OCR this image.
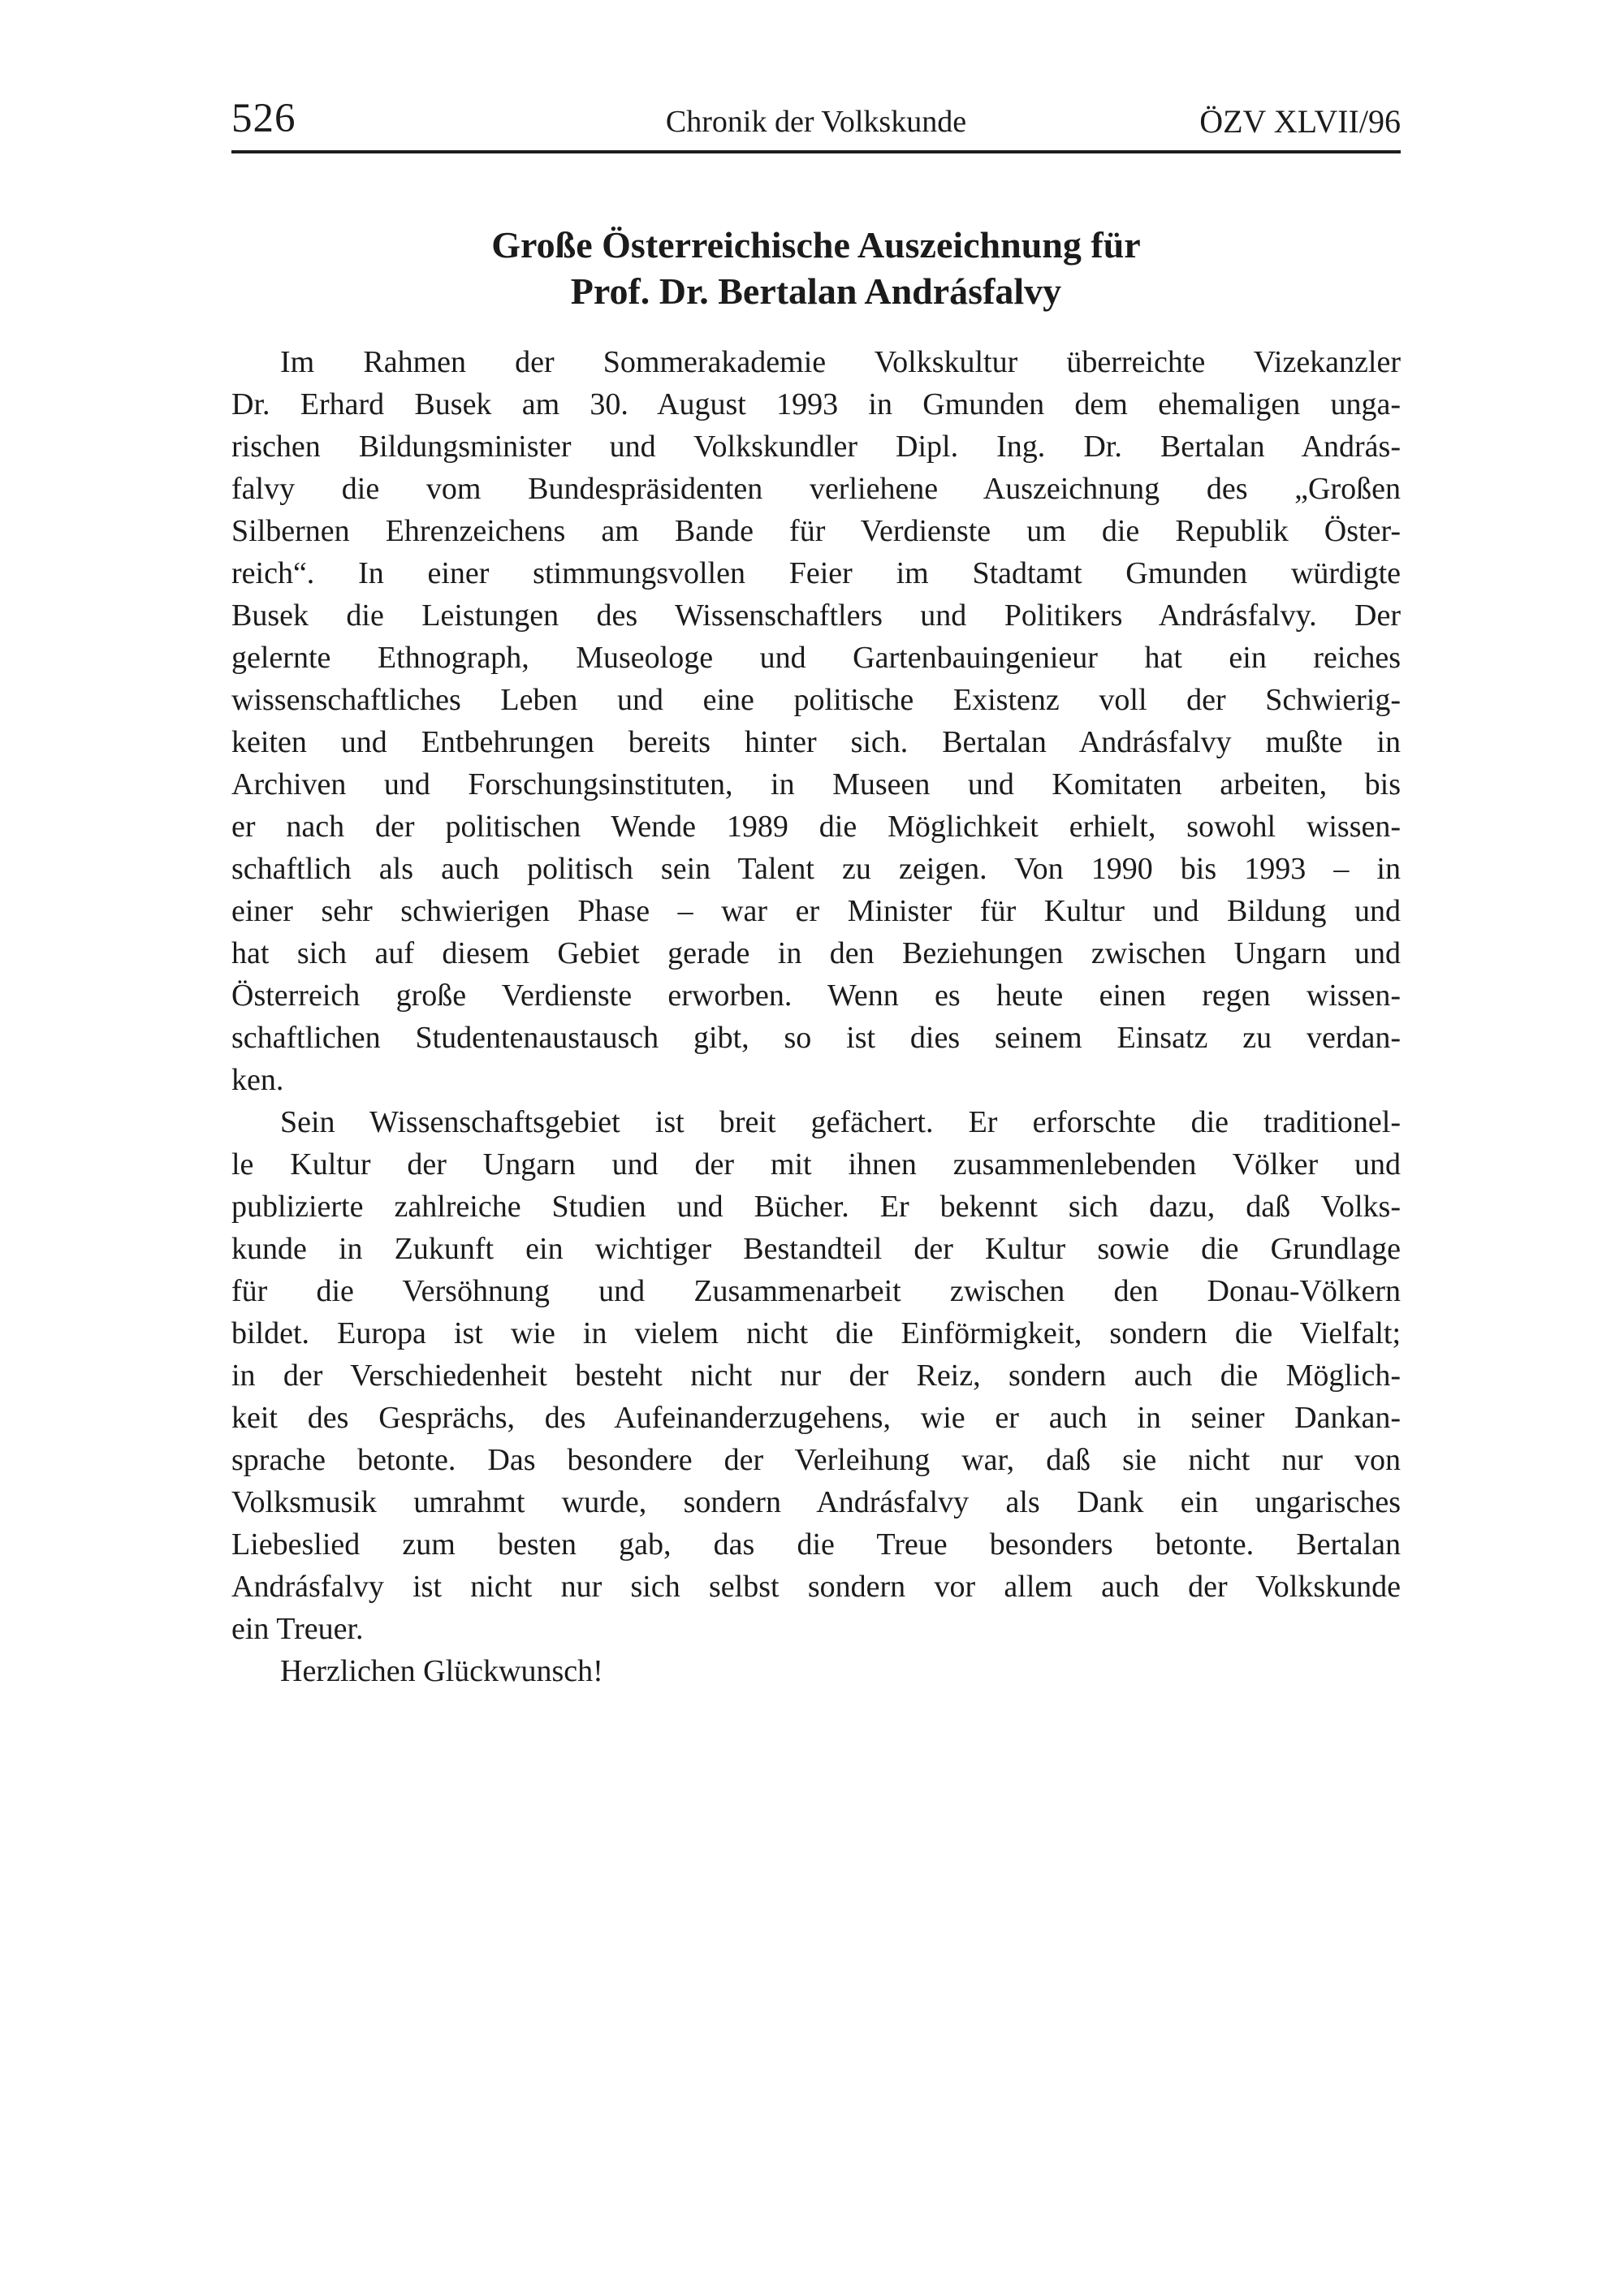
526	Chronik der Volkskunde	ÖZV XLVII/96
Große Österreichische Auszeichnung für
Prof. Dr. Bertalan Andrásfalvy
Im Rahmen der Sommerakademie Volkskultur überreichte Vizekanzler
Dr. Erhard Busek am 30. August 1993 in Gmunden dem ehemaligen unga-
rischen Bildungsminister und Volkskundler Dipl. Ing. Dr. Bertalan András-
falvy die vom Bundespräsidenten verliehene Auszeichnung des „Großen
Silbernen Ehrenzeichens am Bande für Verdienste um die Republik Öster-
reich“. In einer stimmungsvollen Feier im Stadtamt Gmunden würdigte
Busek die Leistungen des Wissenschaftlers und Politikers Andrásfalvy. Der
gelernte Ethnograph, Museologe und Gartenbauingenieur hat ein reiches
wissenschaftliches Leben und eine politische Existenz voll der Schwierig-
keiten und Entbehrungen bereits hinter sich. Bertalan Andrásfalvy mußte in
Archiven und Forschungsinstituten, in Museen und Komitaten arbeiten, bis
er nach der politischen Wende 1989 die Möglichkeit erhielt, sowohl wissen-
schaftlich als auch politisch sein Talent zu zeigen. Von 1990 bis 1993 – in
einer sehr schwierigen Phase – war er Minister für Kultur und Bildung und
hat sich auf diesem Gebiet gerade in den Beziehungen zwischen Ungarn und
Österreich große Verdienste erworben. Wenn es heute einen regen wissen-
schaftlichen Studentenaustausch gibt, so ist dies seinem Einsatz zu verdan-
ken.
Sein Wissenschaftsgebiet ist breit gefächert. Er erforschte die traditionel-
le Kultur der Ungarn und der mit ihnen zusammenlebenden Völker und
publizierte zahlreiche Studien und Bücher. Er bekennt sich dazu, daß Volks-
kunde in Zukunft ein wichtiger Bestandteil der Kultur sowie die Grundlage
für die Versöhnung und Zusammenarbeit zwischen den Donau-Völkern
bildet. Europa ist wie in vielem nicht die Einförmigkeit, sondern die Vielfalt;
in der Verschiedenheit besteht nicht nur der Reiz, sondern auch die Möglich-
keit des Gesprächs, des Aufeinanderzugehens, wie er auch in seiner Dankan-
sprache betonte. Das besondere der Verleihung war, daß sie nicht nur von
Volksmusik umrahmt wurde, sondern Andrásfalvy als Dank ein ungarisches
Liebeslied zum besten gab, das die Treue besonders betonte. Bertalan
Andrásfalvy ist nicht nur sich selbst sondern vor allem auch der Volkskunde
ein Treuer.
Herzlichen Glückwunsch!
